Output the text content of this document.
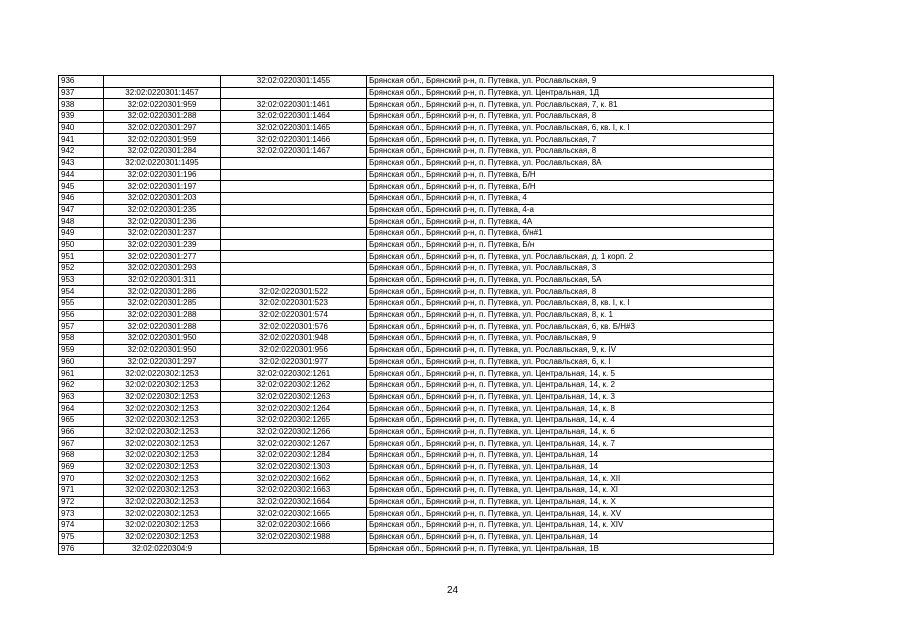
936		32:02:0220301:1455	Брянская обл., Брянский р-н, п. Путевка, ул. Рославльская, 9
937	32:02:0220301:1457		Брянская обл., Брянский р-н, п. Путевка, ул. Центральная, 1Д
938	32:02:0220301:959	32:02:0220301:1461	Брянская обл., Брянский р-н, п. Путевка, ул. Рославльская, 7, к. 81
939	32:02:0220301:288	32:02:0220301:1464	Брянская обл., Брянский р-н, п. Путевка, ул. Рославльская, 8
940	32:02:0220301:297	32:02:0220301:1465	Брянская обл., Брянский р-н, п. Путевка, ул. Рославльская, 6, кв. I, к. I
941	32:02:0220301:959	32:02:0220301:1466	Брянская обл., Брянский р-н, п. Путевка, ул. Рославльская, 7
942	32:02:0220301:284	32:02:0220301:1467	Брянская обл., Брянский р-н, п. Путевка, ул. Рославльская, 8
943	32:02:0220301:1495		Брянская обл., Брянский р-н, п. Путевка, ул. Рославльская, 8А
944	32:02:0220301:196		Брянская обл., Брянский р-н, п. Путевка, Б/Н
945	32:02:0220301:197		Брянская обл., Брянский р-н, п. Путевка, Б/Н
946	32:02:0220301:203		Брянская обл., Брянский р-н, п. Путевка, 4
947	32:02:0220301:235		Брянская обл., Брянский р-н, п. Путевка, 4-а
948	32:02:0220301:236		Брянская обл., Брянский р-н, п. Путевка, 4А
949	32:02:0220301:237		Брянская обл., Брянский р-н, п. Путевка, б/н#1
950	32:02:0220301:239		Брянская обл., Брянский р-н, п. Путевка, Б/н
951	32:02:0220301:277		Брянская обл., Брянский р-н, п. Путевка, ул. Рославльская, д. 1 корп. 2
952	32:02:0220301:293		Брянская обл., Брянский р-н, п. Путевка, ул. Рославльская, 3
953	32:02:0220301:311		Брянская обл., Брянский р-н, п. Путевка, ул. Рославльская, 5А
954	32:02:0220301:286	32:02:0220301:522	Брянская обл., Брянский р-н, п. Путевка, ул. Рославльская, 8
955	32:02:0220301:285	32:02:0220301:523	Брянская обл., Брянский р-н, п. Путевка, ул. Рославльская, 8, кв. I, к. I
956	32:02:0220301:288	32:02:0220301:574	Брянская обл., Брянский р-н, п. Путевка, ул. Рославльская, 8, к. 1
957	32:02:0220301:288	32:02:0220301:576	Брянская обл., Брянский р-н, п. Путевка, ул. Рославльская, 6, кв. Б/Н#3
958	32:02:0220301:950	32:02:0220301:948	Брянская обл., Брянский р-н, п. Путевка, ул. Рославльская, 9
959	32:02:0220301:950	32:02:0220301:956	Брянская обл., Брянский р-н, п. Путевка, ул. Рославльская, 9, к. IV
960	32:02:0220301:297	32:02:0220301:977	Брянская обл., Брянский р-н, п. Путевка, ул. Рославльская, 6, к. I
961	32:02:0220302:1253	32:02:0220302:1261	Брянская обл., Брянский р-н, п. Путевка, ул. Центральная, 14, к. 5
962	32:02:0220302:1253	32:02:0220302:1262	Брянская обл., Брянский р-н, п. Путевка, ул. Центральная, 14, к. 2
963	32:02:0220302:1253	32:02:0220302:1263	Брянская обл., Брянский р-н, п. Путевка, ул. Центральная, 14, к. 3
964	32:02:0220302:1253	32:02:0220302:1264	Брянская обл., Брянский р-н, п. Путевка, ул. Центральная, 14, к. 8
965	32:02:0220302:1253	32:02:0220302:1265	Брянская обл., Брянский р-н, п. Путевка, ул. Центральная, 14, к. 4
966	32:02:0220302:1253	32:02:0220302:1266	Брянская обл., Брянский р-н, п. Путевка, ул. Центральная, 14, к. 6
967	32:02:0220302:1253	32:02:0220302:1267	Брянская обл., Брянский р-н, п. Путевка, ул. Центральная, 14, к. 7
968	32:02:0220302:1253	32:02:0220302:1284	Брянская обл., Брянский р-н, п. Путевка, ул. Центральная, 14
969	32:02:0220302:1253	32:02:0220302:1303	Брянская обл., Брянский р-н, п. Путевка, ул. Центральная, 14
970	32:02:0220302:1253	32:02:0220302:1662	Брянская обл., Брянский р-н, п. Путевка, ул. Центральная, 14, к. XII
971	32:02:0220302:1253	32:02:0220302:1663	Брянская обл., Брянский р-н, п. Путевка, ул. Центральная, 14, к. XI
972	32:02:0220302:1253	32:02:0220302:1664	Брянская обл., Брянский р-н, п. Путевка, ул. Центральная, 14, к. X
973	32:02:0220302:1253	32:02:0220302:1665	Брянская обл., Брянский р-н, п. Путевка, ул. Центральная, 14, к. XV
974	32:02:0220302:1253	32:02:0220302:1666	Брянская обл., Брянский р-н, п. Путевка, ул. Центральная, 14, к. XIV
975	32:02:0220302:1253	32:02:0220302:1988	Брянская обл., Брянский р-н, п. Путевка, ул. Центральная, 14
976	32:02:0220304:9		Брянская обл., Брянский р-н, п. Путевка, ул. Центральная, 1В
24
